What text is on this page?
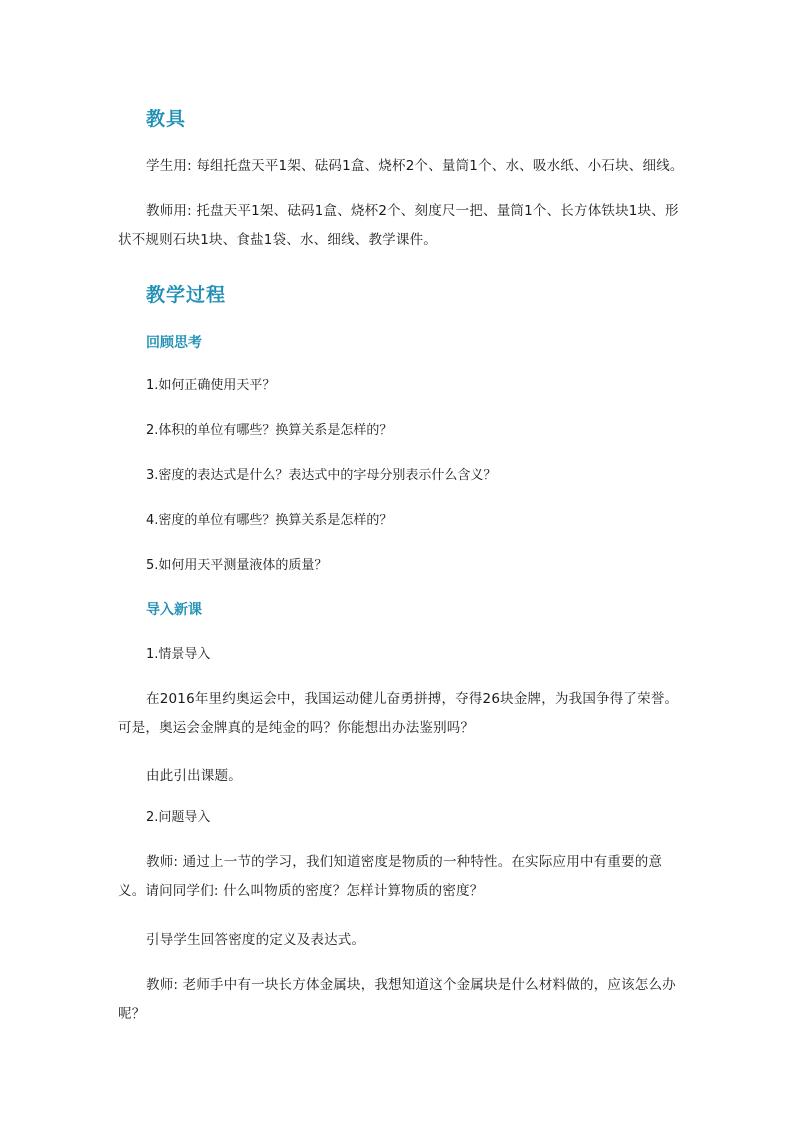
教具

学生用: 每组托盘天平1架、砝码1盒、烧杯2个、量筒1个、水、吸水纸、小石块、细线。

教师用: 托盘天平1架、砝码1盒、烧杯2个、刻度尺一把、量筒1个、长方体铁块1块、形状不规则石块1块、食盐1袋、水、细线、教学课件。

教学过程
回顾思考
1.如何正确使用天平？
2.体积的单位有哪些？换算关系是怎样的？
3.密度的表达式是什么？表达式中的字母分别表示什么含义？
4.密度的单位有哪些？换算关系是怎样的？
5.如何用天平测量液体的质量？
导入新课
1.情景导入

在2016年里约奥运会中，我国运动健儿奋勇拼搏，夺得26块金牌，为我国争得了荣誉。可是，奥运会金牌真的是纯金的吗？你能想出办法鉴别吗？

由此引出课题。

2.问题导入

教师: 通过上一节的学习，我们知道密度是物质的一种特性。在实际应用中有重要的意义。请问同学们: 什么叫物质的密度？怎样计算物质的密度？

引导学生回答密度的定义及表达式。

教师: 老师手中有一块长方体金属块，我想知道这个金属块是什么材料做的，应该怎么办呢？
